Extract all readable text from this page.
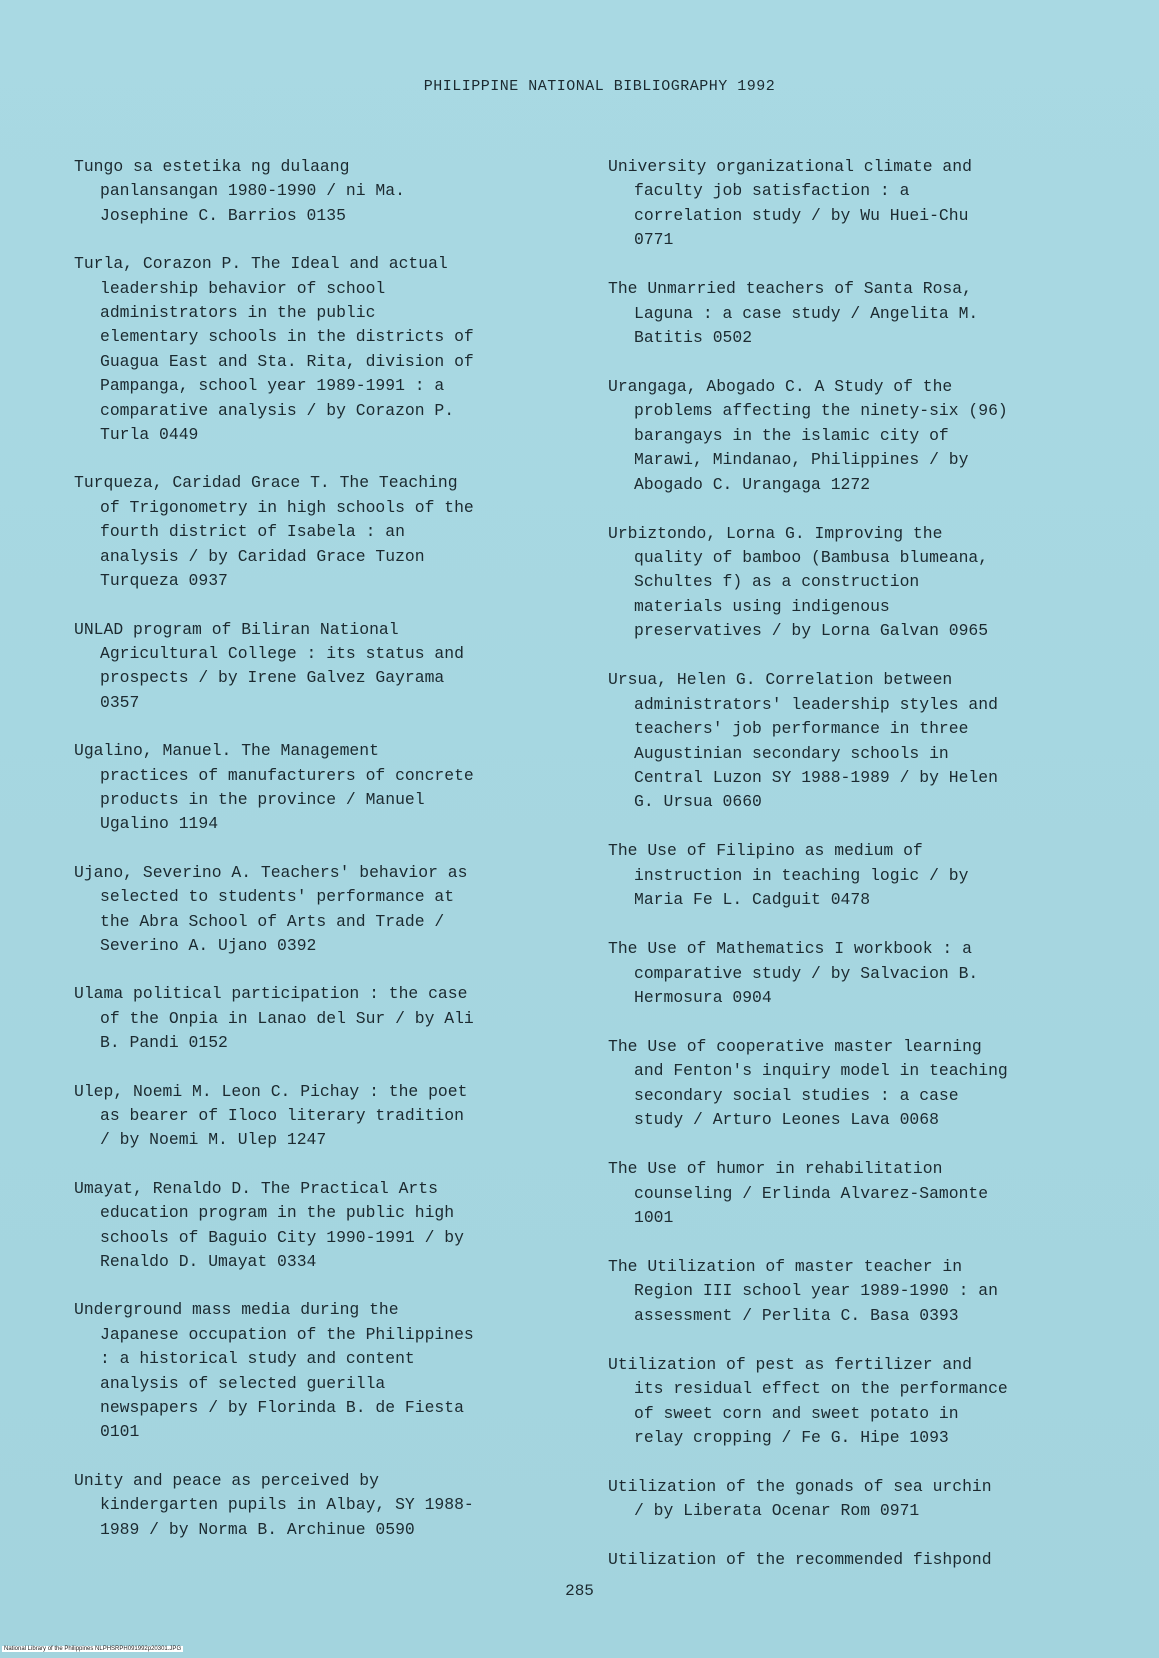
PHILIPPINE NATIONAL BIBLIOGRAPHY 1992

Tungo sa estetika ng dulaang
panlansangan 1980-1990 / ni Ma.
Josephine C. Barrios 0135

Turla, Corazon P. The Ideal and actual
leadership behavior of school
administrators in the public
elementary schools in the districts of
Guagua East and Sta. Rita, division of
Pampanga, school year 1989-1991 : a
comparative analysis / by Corazon P.
Turla 0449

Turqueza, Caridad Grace T. The Teaching
of Trigonometry in high schools of the
fourth district of Isabela : an
analysis / by Caridad Grace Tuzon
Turqueza 0937

UNLAD program of Biliran National
Agricultural College : its status and
prospects / by Irene Galvez Gayrama
0357

Ugalino, Manuel. The Management
practices of manufacturers of concrete
products in the province / Manuel
Ugalino 1194

Ujano, Severino A. Teachers' behavior as
selected to students' performance at
the Abra School of Arts and Trade /
Severino A. Ujano 0392

Ulama political participation : the case
of the Onpia in Lanao del Sur / by Ali
B. Pandi 0152

Ulep, Noemi M. Leon C. Pichay : the poet
as bearer of Iloco literary tradition
/ by Noemi M. Ulep 1247

Umayat, Renaldo D. The Practical Arts
education program in the public high
schools of Baguio City 1990-1991 / by
Renaldo D. Umayat 0334

Underground mass media during the
Japanese occupation of the Philippines
: a historical study and content
analysis of selected guerilla
newspapers / by Florinda B. de Fiesta
0101

Unity and peace as perceived by
kindergarten pupils in Albay, SY 1988-
1989 / by Norma B. Archinue 0590

University organizational climate and
faculty job satisfaction : a
correlation study / by Wu Huei-Chu
0771

The Unmarried teachers of Santa Rosa,
Laguna : a case study / Angelita M.
Batitis 0502

Urangaga, Abogado C. A Study of the
problems affecting the ninety-six (96)
barangays in the islamic city of
Marawi, Mindanao, Philippines / by
Abogado C. Urangaga 1272

Urbiztondo, Lorna G. Improving the
quality of bamboo (Bambusa blumeana,
Schultes f) as a construction
materials using indigenous
preservatives / by Lorna Galvan 0965

Ursua, Helen G. Correlation between
administrators' leadership styles and
teachers' job performance in three
Augustinian secondary schools in
Central Luzon SY 1988-1989 / by Helen
G. Ursua 0660

The Use of Filipino as medium of
instruction in teaching logic / by
Maria Fe L. Cadguit 0478

The Use of Mathematics I workbook : a
comparative study / by Salvacion B.
Hermosura 0904

The Use of cooperative master learning
and Fenton's inquiry model in teaching
secondary social studies : a case
study / Arturo Leones Lava 0068

The Use of humor in rehabilitation
counseling / Erlinda Alvarez-Samonte
1001

The Utilization of master teacher in
Region III school year 1989-1990 : an
assessment / Perlita C. Basa 0393

Utilization of pest as fertilizer and
its residual effect on the performance
of sweet corn and sweet potato in
relay cropping / Fe G. Hipe 1093

Utilization of the gonads of sea urchin
/ by Liberata Ocenar Rom 0971

Utilization of the recommended fishpond

285
National Library of the Philippines NLPHSRPH091992p20301.JPG
